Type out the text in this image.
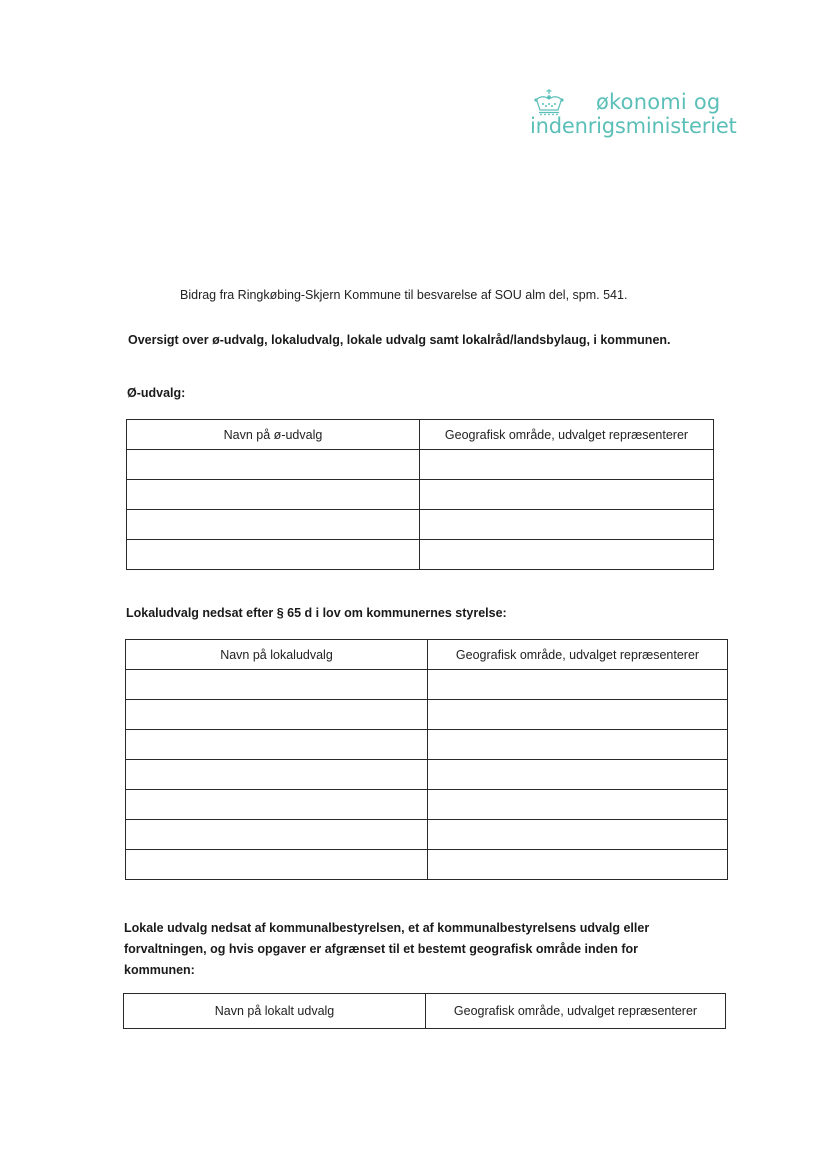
økonomi og
indenrigsministeriet
Bidrag fra Ringkøbing-Skjern Kommune til besvarelse af SOU alm del, spm. 541.
Oversigt over ø-udvalg, lokaludvalg, lokale udvalg samt lokalråd/landsbylaug, i kommunen.
Ø-udvalg:
Navn på ø-udvalg	Geografisk område, udvalget repræsenterer

Lokaludvalg nedsat efter § 65 d i lov om kommunernes styrelse:
Navn på lokaludvalg	Geografisk område, udvalget repræsenterer

Lokale udvalg nedsat af kommunalbestyrelsen, et af kommunalbestyrelsens udvalg eller forvaltningen, og hvis opgaver er afgrænset til et bestemt geografisk område inden for kommunen:
Navn på lokalt udvalg	Geografisk område, udvalget repræsenterer
